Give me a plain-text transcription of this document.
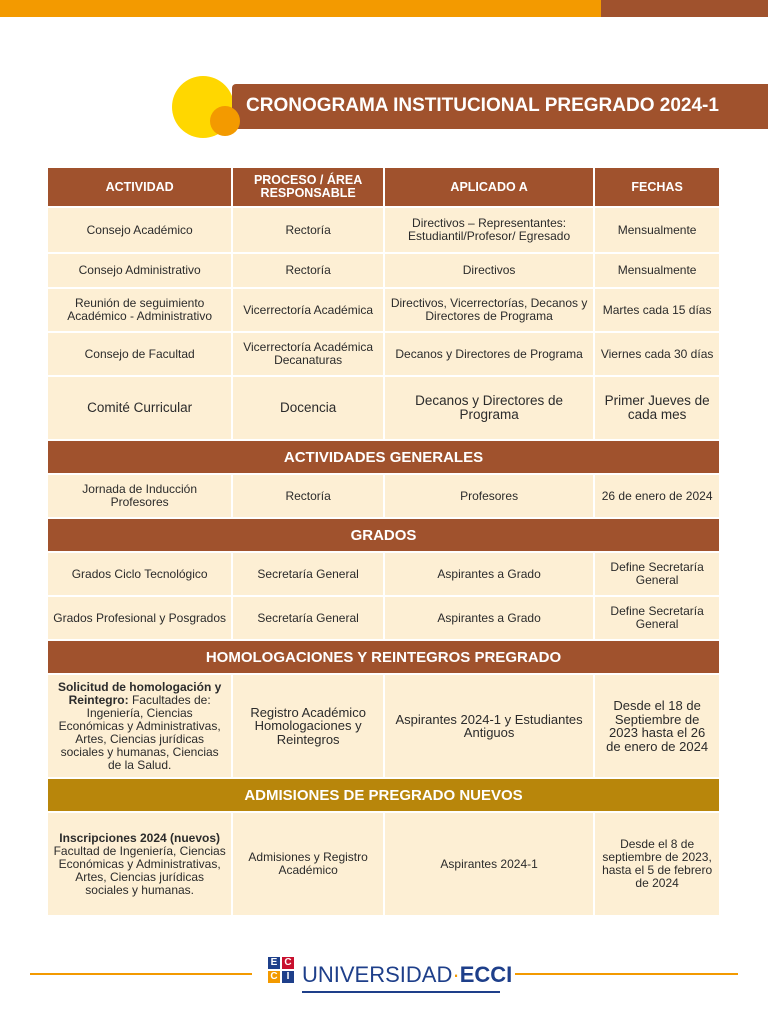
CRONOGRAMA INSTITUCIONAL PREGRADO 2024-1
ACTIVIDAD	PROCESO / ÁREA RESPONSABLE	APLICADO A	FECHAS
Consejo Académico	Rectoría	Directivos – Representantes: Estudiantil/Profesor/ Egresado	Mensualmente
Consejo Administrativo	Rectoría	Directivos	Mensualmente
Reunión de seguimiento Académico - Administrativo	Vicerrectoría Académica	Directivos, Vicerrectorías, Decanos y Directores de Programa	Martes cada 15 días
Consejo de Facultad	Vicerrectoría Académica Decanaturas	Decanos y Directores de Programa	Viernes cada 30 días
Comité Curricular	Docencia	Decanos y Directores de Programa	Primer Jueves de cada mes
ACTIVIDADES GENERALES			
Jornada de Inducción Profesores	Rectoría	Profesores	26 de enero de 2024
GRADOS			
Grados Ciclo Tecnológico	Secretaría General	Aspirantes a Grado	Define Secretaría General
Grados Profesional y Posgrados	Secretaría General	Aspirantes a Grado	Define Secretaría General
HOMOLOGACIONES Y REINTEGROS PREGRADO			
Solicitud de homologación y Reintegro: Facultades de: Ingeniería, Ciencias Económicas y Administrativas, Artes, Ciencias jurídicas sociales y humanas, Ciencias de la Salud.	Registro Académico Homologaciones y Reintegros	Aspirantes 2024-1 y Estudiantes Antiguos	Desde el 18 de Septiembre de 2023 hasta el 26 de enero de 2024
ADMISIONES DE PREGRADO NUEVOS			
Inscripciones 2024 (nuevos)
Facultad de Ingeniería, Ciencias Económicas y Administrativas, Artes, Ciencias jurídicas sociales y humanas.	Admisiones y Registro Académico	Aspirantes 2024-1	Desde el 8 de septiembre de 2023, hasta el 5 de febrero de 2024
E C
C I UNIVERSIDAD·ECCI
